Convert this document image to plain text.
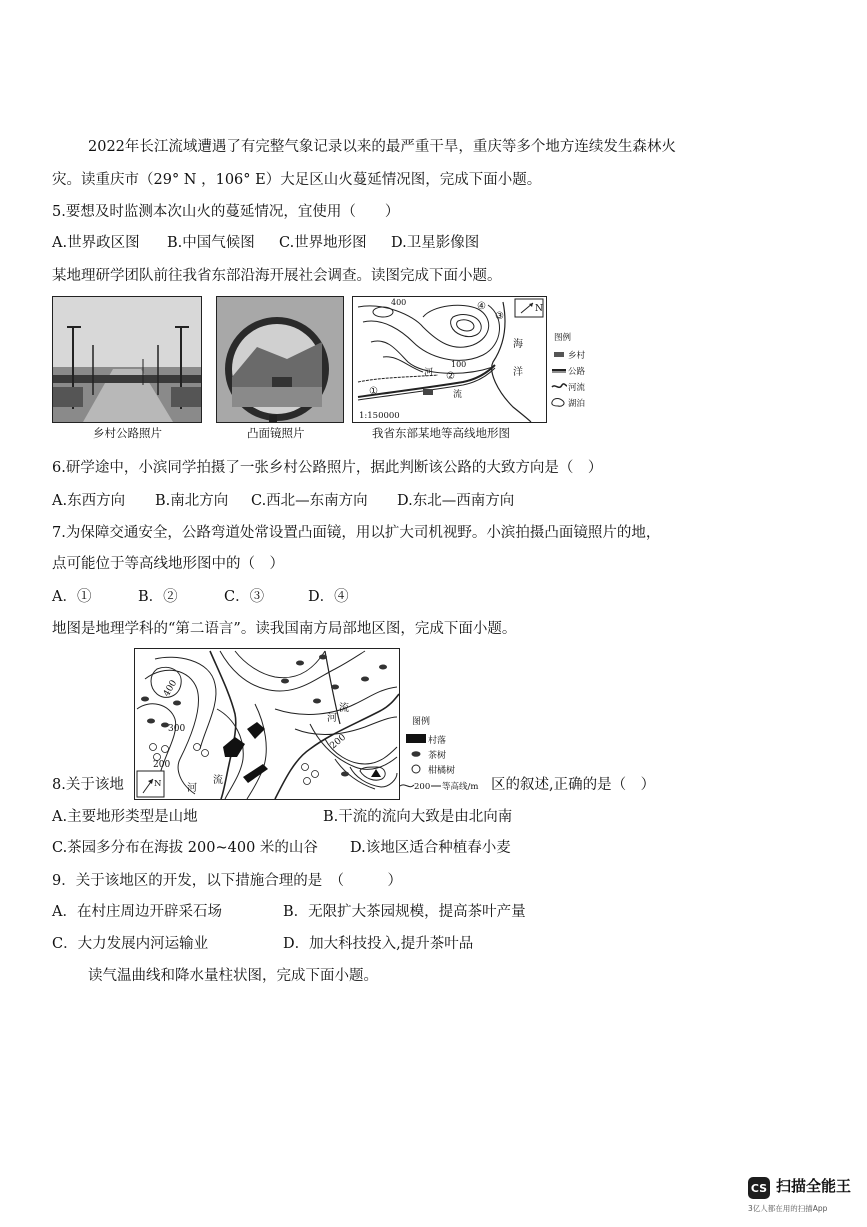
2022年长江流域遭遇了有完整气象记录以来的最严重干旱，重庆等多个地方连续发生森林火
灾。读重庆市（29° N ，106° E）大足区山火蔓延情况图，完成下面小题。
5.要想及时监测本次山火的蔓延情况，宜使用（　　）
A.世界政区图 B.中国气候图 C.世界地形图 D.卫星影像图
某地理研学团队前往我省东部沿海开展社会调查。读图完成下面小题。
乡村公路照片	凸面镜照片
N
400
100
河
流
海
洋
①
②
③
④
1:150000
图例
乡村
公路
河流
湖泊
我省东部某地等高线地形图
6.研学途中，小滨同学拍摄了一张乡村公路照片，据此判断该公路的大致方向是（　）
A.东西方向 B.南北方向 C.西北—东南方向 D.东北—西南方向
7.为保障交通安全，公路弯道处常设置凸面镜，用以扩大司机视野。小滨拍摄凸面镜照片的地，
点可能位于等高线地形图中的（　）
A．①	B．②	C．③	D．④
地图是地理学科的“第二语言”。读我国南方局部地区图，完成下面小题。
400
300
200
200
河
流
流
河
N
图例
村落
茶树
柑橘树
200 等高线/m
8.关于该地	区的叙述,正确的是（　）
A.主要地形类型是山地	B.干流的流向大致是由北向南
C.茶园多分布在海拔 200~400 米的山谷 D.该地区适合种植春小麦
9．关于该地区的开发，以下措施合理的是　（　　　）
A．在村庄周边开辟采石场	B．无限扩大茶园规模，提高茶叶产量
C．大力发展内河运输业	D．加大科技投入,提升茶叶品
读气温曲线和降水量柱状图，完成下面小题。
CS 扫描全能王
3亿人都在用的扫描App
